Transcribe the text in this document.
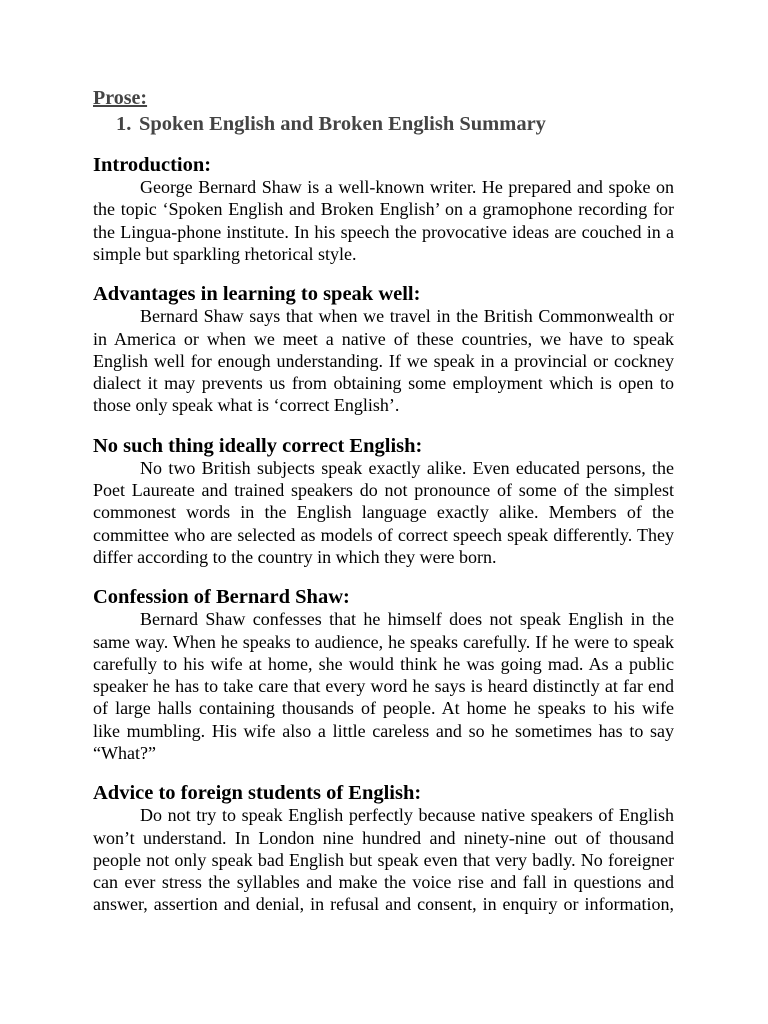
Prose:
1. Spoken English and Broken English Summary
Introduction:
George Bernard Shaw is a well-known writer. He prepared and spoke on
the topic ‘Spoken English and Broken English’ on a gramophone recording for
the Lingua-phone institute. In his speech the provocative ideas are couched in a
simple but sparkling rhetorical style.
Advantages in learning to speak well:
Bernard Shaw says that when we travel in the British Commonwealth or
in America or when we meet a native of these countries, we have to speak
English well for enough understanding. If we speak in a provincial or cockney
dialect it may prevents us from obtaining some employment which is open to
those only speak what is ‘correct English’.
No such thing ideally correct English:
No two British subjects speak exactly alike. Even educated persons, the
Poet Laureate and trained speakers do not pronounce of some of the simplest
commonest words in the English language exactly alike. Members of the
committee who are selected as models of correct speech speak differently. They
differ according to the country in which they were born.
Confession of Bernard Shaw:
Bernard Shaw confesses that he himself does not speak English in the
same way. When he speaks to audience, he speaks carefully. If he were to speak
carefully to his wife at home, she would think he was going mad. As a public
speaker he has to take care that every word he says is heard distinctly at far end
of large halls containing thousands of people. At home he speaks to his wife
like mumbling. His wife also a little careless and so he sometimes has to say
“What?”
Advice to foreign students of English:
Do not try to speak English perfectly because native speakers of English
won’t understand. In London nine hundred and ninety-nine out of thousand
people not only speak bad English but speak even that very badly. No foreigner
can ever stress the syllables and make the voice rise and fall in questions and
answer, assertion and denial, in refusal and consent, in enquiry or information,
